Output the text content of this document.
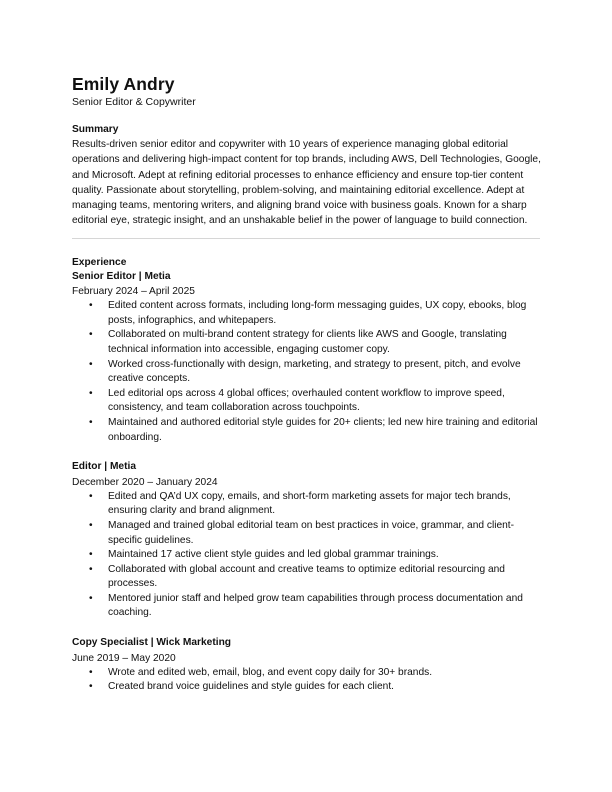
Emily Andry

Senior Editor & Copywriter

Summary

Results-driven senior editor and copywriter with 10 years of experience managing global editorial operations and delivering high-impact content for top brands, including AWS, Dell Technologies, Google, and Microsoft. Adept at refining editorial processes to enhance efficiency and ensure top-tier content quality. Passionate about storytelling, problem-solving, and maintaining editorial excellence. Adept at managing teams, mentoring writers, and aligning brand voice with business goals. Known for a sharp editorial eye, strategic insight, and an unshakable belief in the power of language to build connection.

Experience

Senior Editor | Metia

February 2024 – April 2025

• Edited content across formats, including long-form messaging guides, UX copy, ebooks, blog posts, infographics, and whitepapers.
• Collaborated on multi-brand content strategy for clients like AWS and Google, translating technical information into accessible, engaging customer copy.
• Worked cross-functionally with design, marketing, and strategy to present, pitch, and evolve creative concepts.
• Led editorial ops across 4 global offices; overhauled content workflow to improve speed, consistency, and team collaboration across touchpoints.
• Maintained and authored editorial style guides for 20+ clients; led new hire training and editorial onboarding.

Editor | Metia

December 2020 – January 2024

• Edited and QA’d UX copy, emails, and short-form marketing assets for major tech brands, ensuring clarity and brand alignment.
• Managed and trained global editorial team on best practices in voice, grammar, and client-specific guidelines.
• Maintained 17 active client style guides and led global grammar trainings.
• Collaborated with global account and creative teams to optimize editorial resourcing and processes.
• Mentored junior staff and helped grow team capabilities through process documentation and coaching.

Copy Specialist | Wick Marketing

June 2019 – May 2020

• Wrote and edited web, email, blog, and event copy daily for 30+ brands.
• Created brand voice guidelines and style guides for each client.
